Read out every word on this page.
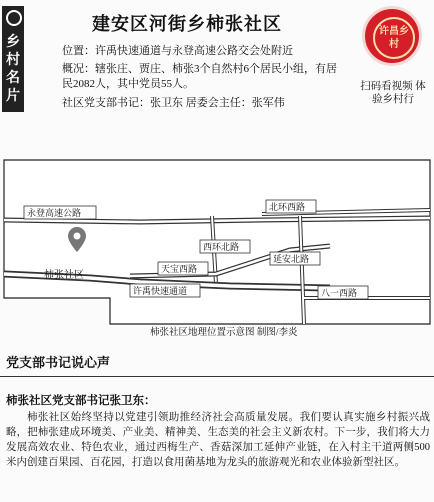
乡村名片
建安区河街乡柿张社区
位置：许禹快速通道与永登高速公路交会处附近
概况：辖张庄、贾庄、柿张3个自然村6个居民小组，有居民2082人，其中党员55人。
社区党支部书记：张卫东 居委会主任：张军伟
许昌乡村
扫码看视频 体验乡村行
永登高速公路
北环西路
西环北路
天宝西路
许禹快速通道
延安北路
八一西路
柿张社区
柿张社区地理位置示意图 制图/李炎
党支部书记说心声
柿张社区党支部书记张卫东：
柿张社区始终坚持以党建引领助推经济社会高质量发展。我们要认真实施乡村振兴战略，把柿张建成环境美、产业美、精神美、生态美的社会主义新农村。下一步，我们将大力发展高效农业、特色农业，通过西梅生产、香菇深加工延伸产业链，在入村主干道两侧500米内创建百果园、百花园，打造以食用菌基地为龙头的旅游观光和农业体验新型社区。
